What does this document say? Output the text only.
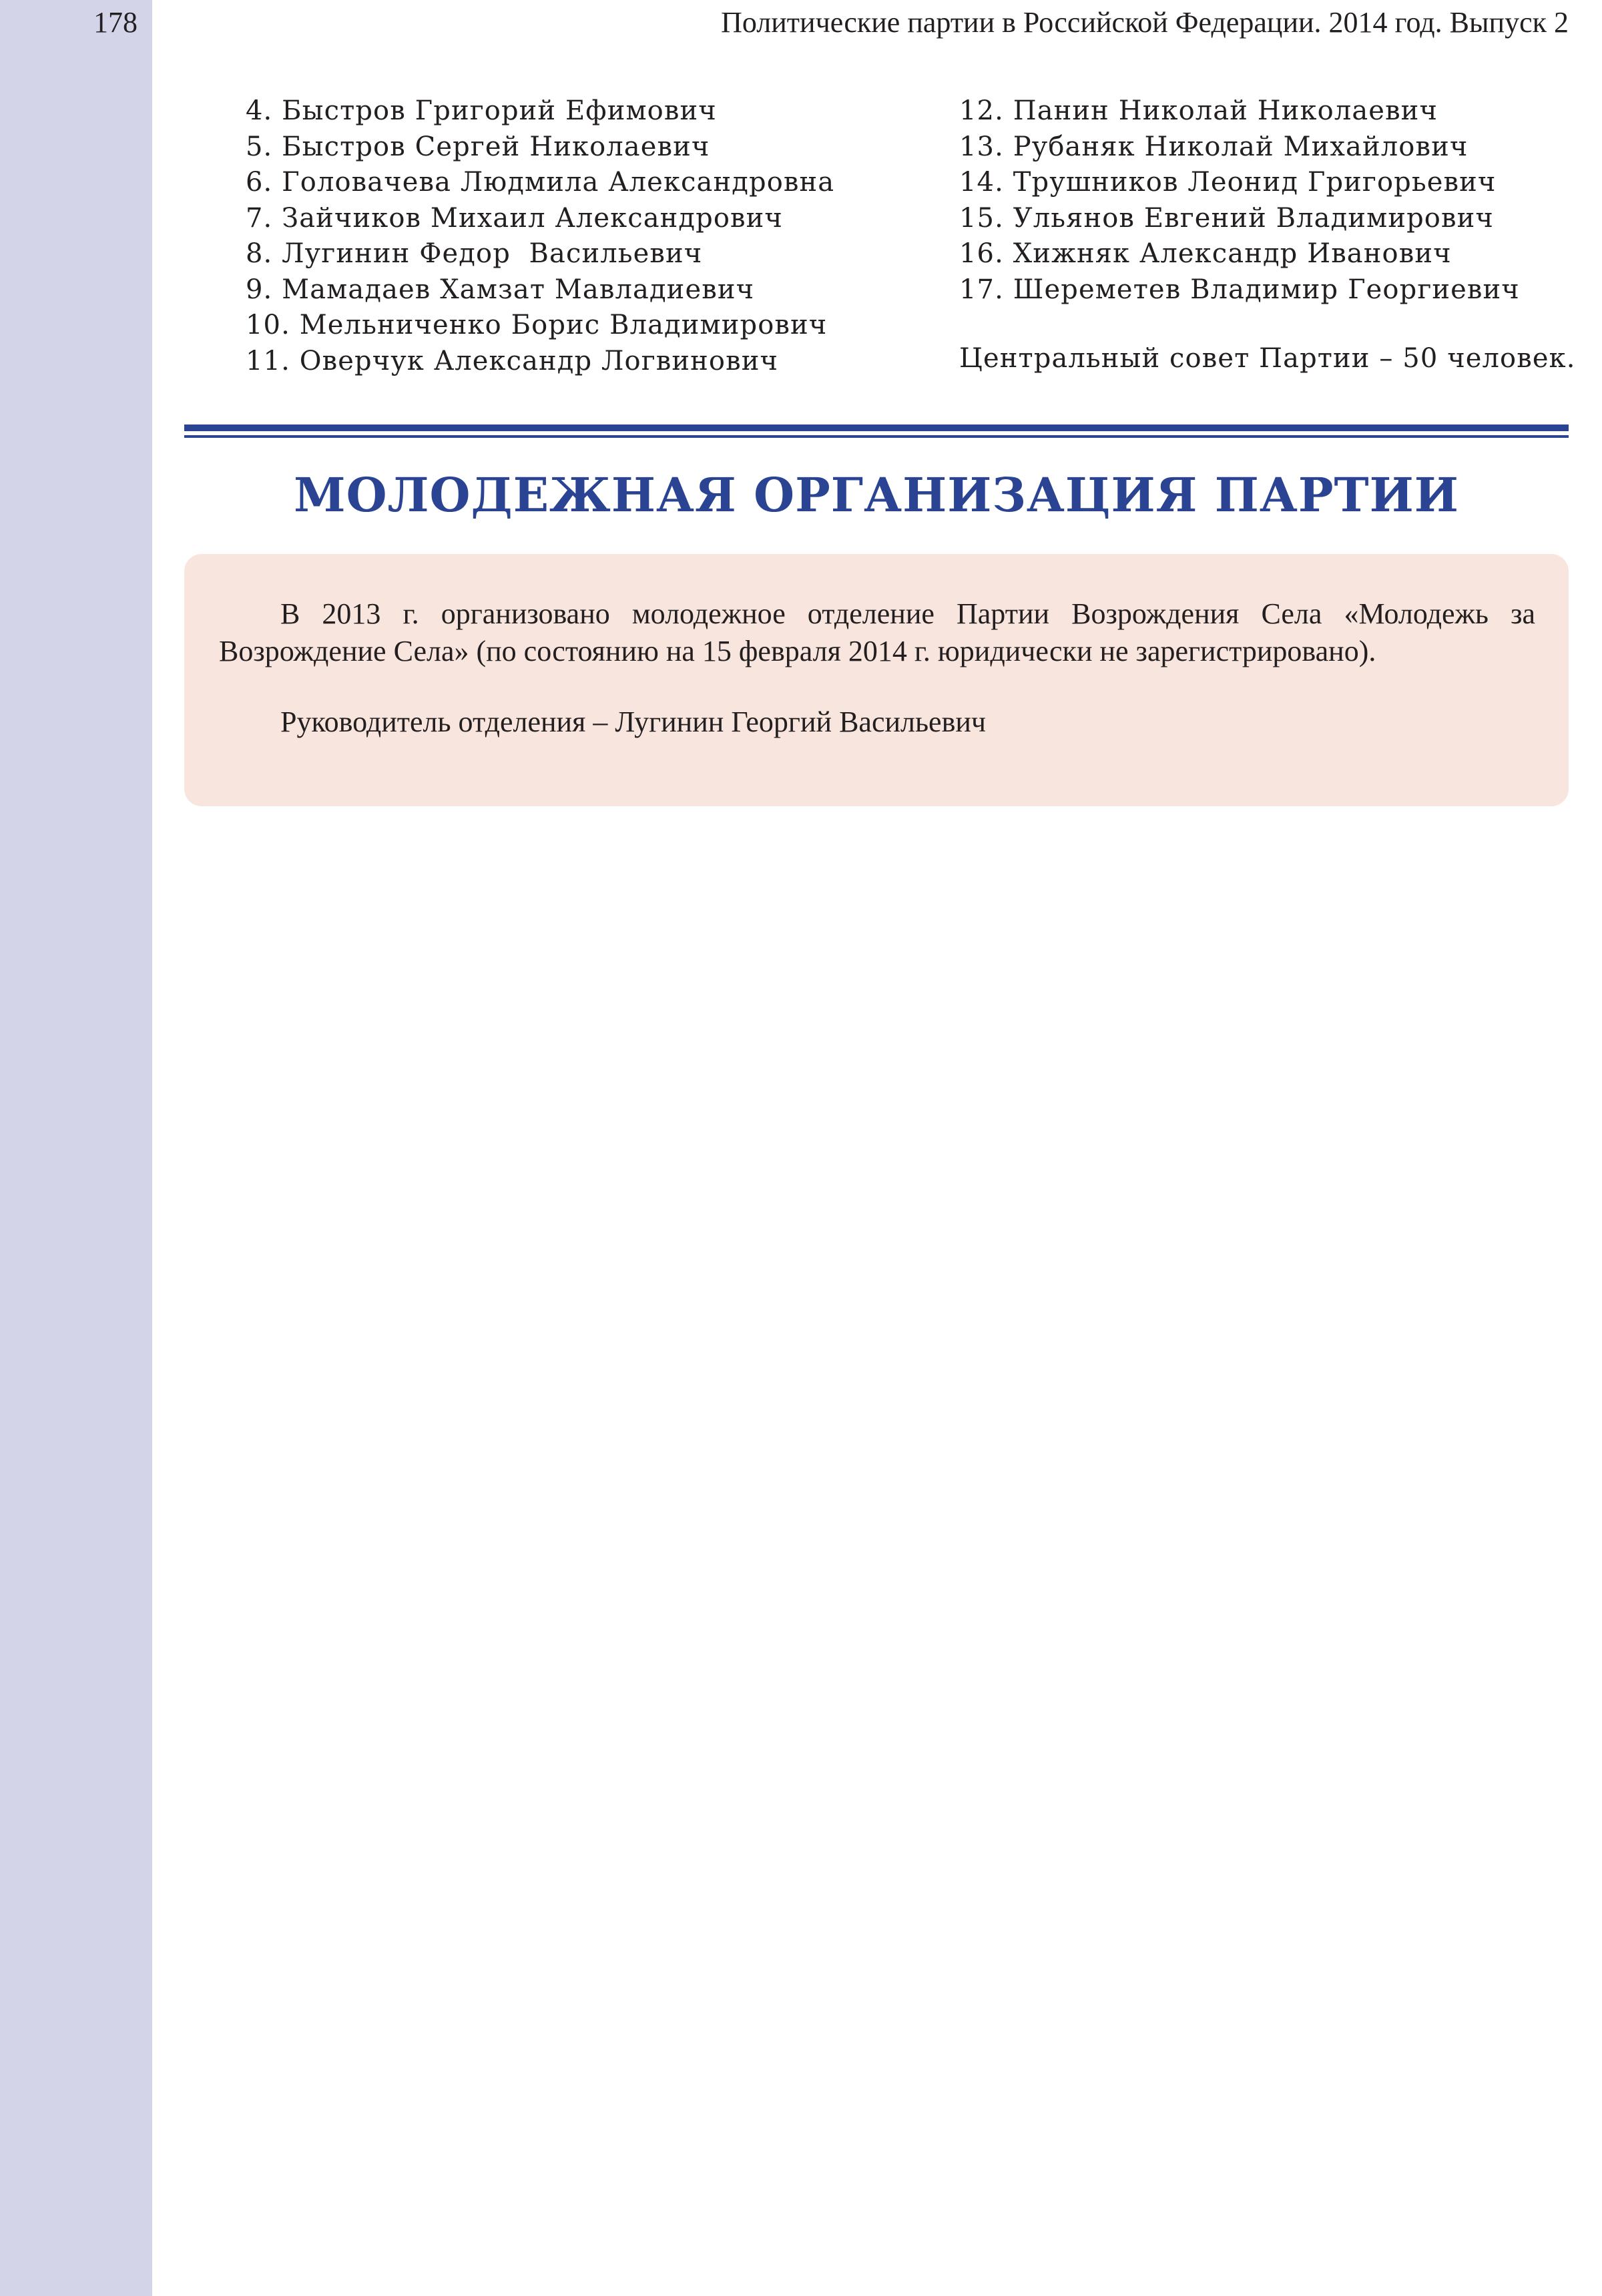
178	Политические партии в Российской Федерации. 2014 год. Выпуск 2
4. Быстров Григорий Ефимович
5. Быстров Сергей Николаевич
6. Головачева Людмила Александровна
7. Зайчиков Михаил Александрович
8. Лугинин Федор  Васильевич
9. Мамадаев Хамзат Мавладиевич
10. Мельниченко Борис Владимирович
11. Оверчук Александр Логвинович
12. Панин Николай Николаевич
13. Рубаняк Николай Михайлович
14. Трушников Леонид Григорьевич
15. Ульянов Евгений Владимирович
16. Хижняк Александр Иванович
17. Шереметев Владимир Георгиевич
Центральный совет Партии – 50 человек.
МОЛОДЕЖНАЯ ОРГАНИЗАЦИЯ ПАРТИИ

В 2013 г. организовано молодежное отделение Партии Возрождения Села «Молодежь за Возрождение Села» (по состоянию на 15 февраля 2014 г. юридически не зарегистрировано).

Руководитель отделения – Лугинин Георгий Васильевич
